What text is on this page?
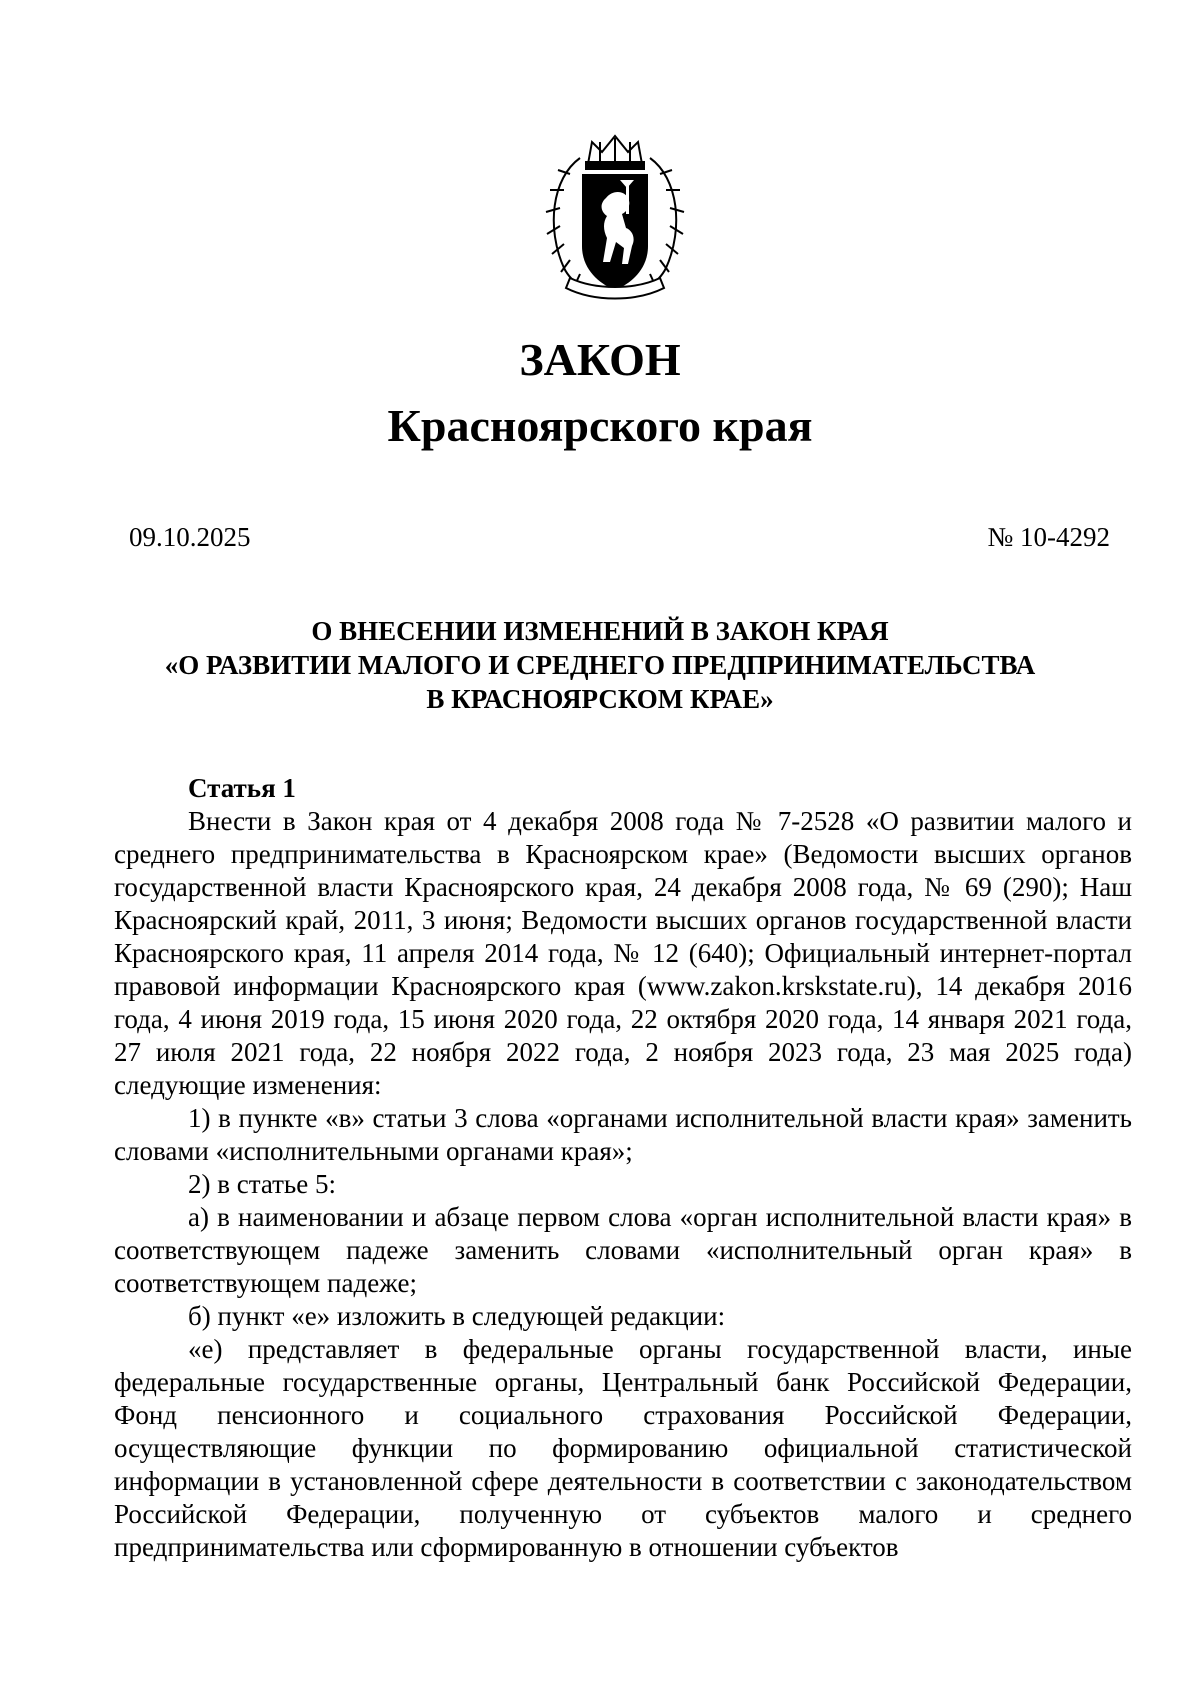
ЗАКОН
Красноярского края
09.10.2025	№ 10-4292
О ВНЕСЕНИИ ИЗМЕНЕНИЙ В ЗАКОН КРАЯ
«О РАЗВИТИИ МАЛОГО И СРЕДНЕГО ПРЕДПРИНИМАТЕЛЬСТВА
В КРАСНОЯРСКОМ КРАЕ»

Статья 1

Внести в Закон края от 4 декабря 2008 года № 7-2528 «О развитии малого и среднего предпринимательства в Красноярском крае» (Ведомости высших органов государственной власти Красноярского края, 24 декабря 2008 года, № 69 (290); Наш Красноярский край, 2011, 3 июня; Ведомости высших органов государственной власти Красноярского края, 11 апреля 2014 года, № 12 (640); Официальный интернет-портал правовой информации Красноярского края (www.zakon.krskstate.ru), 14 декабря 2016 года, 4 июня 2019 года, 15 июня 2020 года, 22 октября 2020 года, 14 января 2021 года, 27 июля 2021 года, 22 ноября 2022 года, 2 ноября 2023 года, 23 мая 2025 года) следующие изменения:

1) в пункте «в» статьи 3 слова «органами исполнительной власти края» заменить словами «исполнительными органами края»;

2) в статье 5:

а) в наименовании и абзаце первом слова «орган исполнительной власти края» в соответствующем падеже заменить словами «исполнительный орган края» в соответствующем падеже;

б) пункт «е» изложить в следующей редакции:

«е) представляет в федеральные органы государственной власти, иные федеральные государственные органы, Центральный банк Российской Федерации, Фонд пенсионного и социального страхования Российской Федерации, осуществляющие функции по формированию официальной статистической информации в установленной сфере деятельности в соответствии с законодательством Российской Федерации, полученную от субъектов малого и среднего предпринимательства или сформированную в отношении субъектов
